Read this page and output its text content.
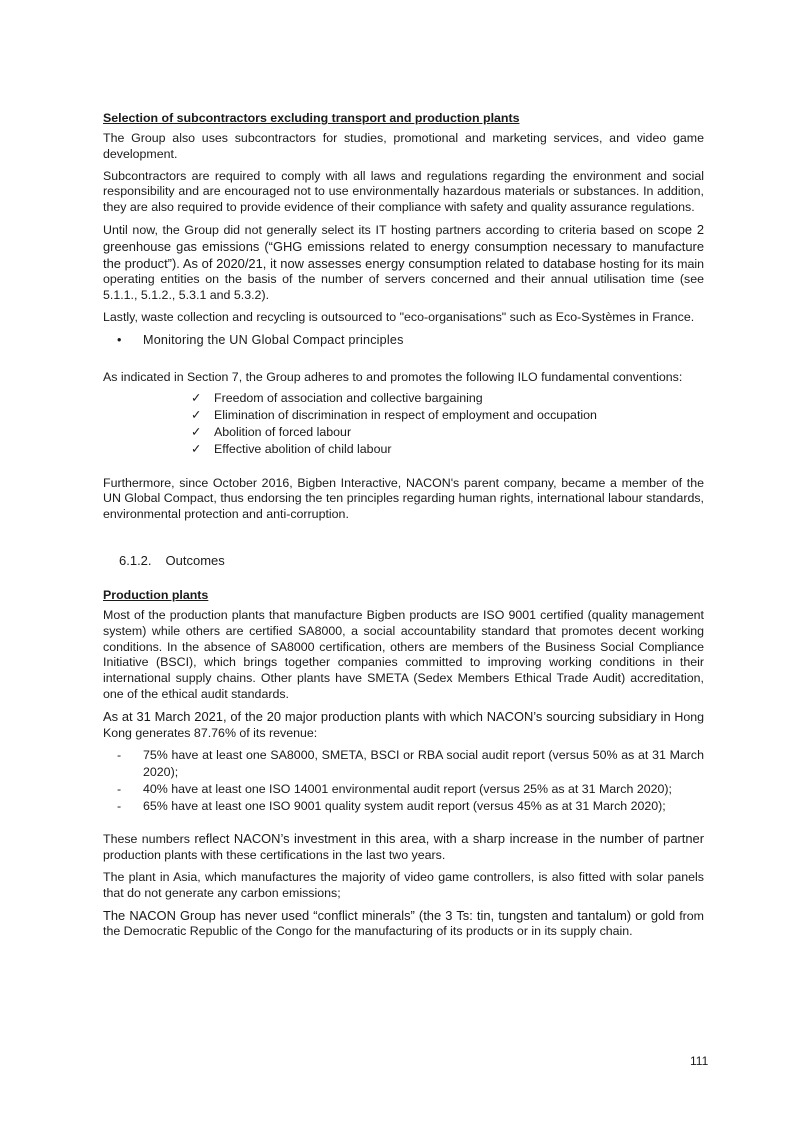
Selection of subcontractors excluding transport and production plants

The Group also uses subcontractors for studies, promotional and marketing services, and video game development.

Subcontractors are required to comply with all laws and regulations regarding the environment and social responsibility and are encouraged not to use environmentally hazardous materials or substances. In addition, they are also required to provide evidence of their compliance with safety and quality assurance regulations.

Until now, the Group did not generally select its IT hosting partners according to criteria based on scope 2 greenhouse gas emissions (“GHG emissions related to energy consumption necessary to manufacture the product”). As of 2020/21, it now assesses energy consumption related to database hosting for its main operating entities on the basis of the number of servers concerned and their annual utilisation time (see 5.1.1., 5.1.2., 5.3.1 and 5.3.2).

Lastly, waste collection and recycling is outsourced to "eco-organisations" such as Eco-Systèmes in France.

•	Monitoring the UN Global Compact principles

As indicated in Section 7, the Group adheres to and promotes the following ILO fundamental conventions:

✓	Freedom of association and collective bargaining
✓	Elimination of discrimination in respect of employment and occupation
✓	Abolition of forced labour
✓	Effective abolition of child labour

Furthermore, since October 2016, Bigben Interactive, NACON's parent company, became a member of the UN Global Compact, thus endorsing the ten principles regarding human rights, international labour standards, environmental protection and anti-corruption.

6.1.2. Outcomes
Production plants

Most of the production plants that manufacture Bigben products are ISO 9001 certified (quality management system) while others are certified SA8000, a social accountability standard that promotes decent working conditions. In the absence of SA8000 certification, others are members of the Business Social Compliance Initiative (BSCI), which brings together companies committed to improving working conditions in their international supply chains. Other plants have SMETA (Sedex Members Ethical Trade Audit) accreditation, one of the ethical audit standards.

As at 31 March 2021, of the 20 major production plants with which NACON’s sourcing subsidiary in Hong Kong generates 87.76% of its revenue:

-	75% have at least one SA8000, SMETA, BSCI or RBA social audit report (versus 50% as at 31 March 2020);
-	40% have at least one ISO 14001 environmental audit report (versus 25% as at 31 March 2020);
-	65% have at least one ISO 9001 quality system audit report (versus 45% as at 31 March 2020);

These numbers reflect NACON’s investment in this area, with a sharp increase in the number of partner production plants with these certifications in the last two years.

The plant in Asia, which manufactures the majority of video game controllers, is also fitted with solar panels that do not generate any carbon emissions;

The NACON Group has never used “conflict minerals” (the 3 Ts: tin, tungsten and tantalum) or gold from the Democratic Republic of the Congo for the manufacturing of its products or in its supply chain.

111
